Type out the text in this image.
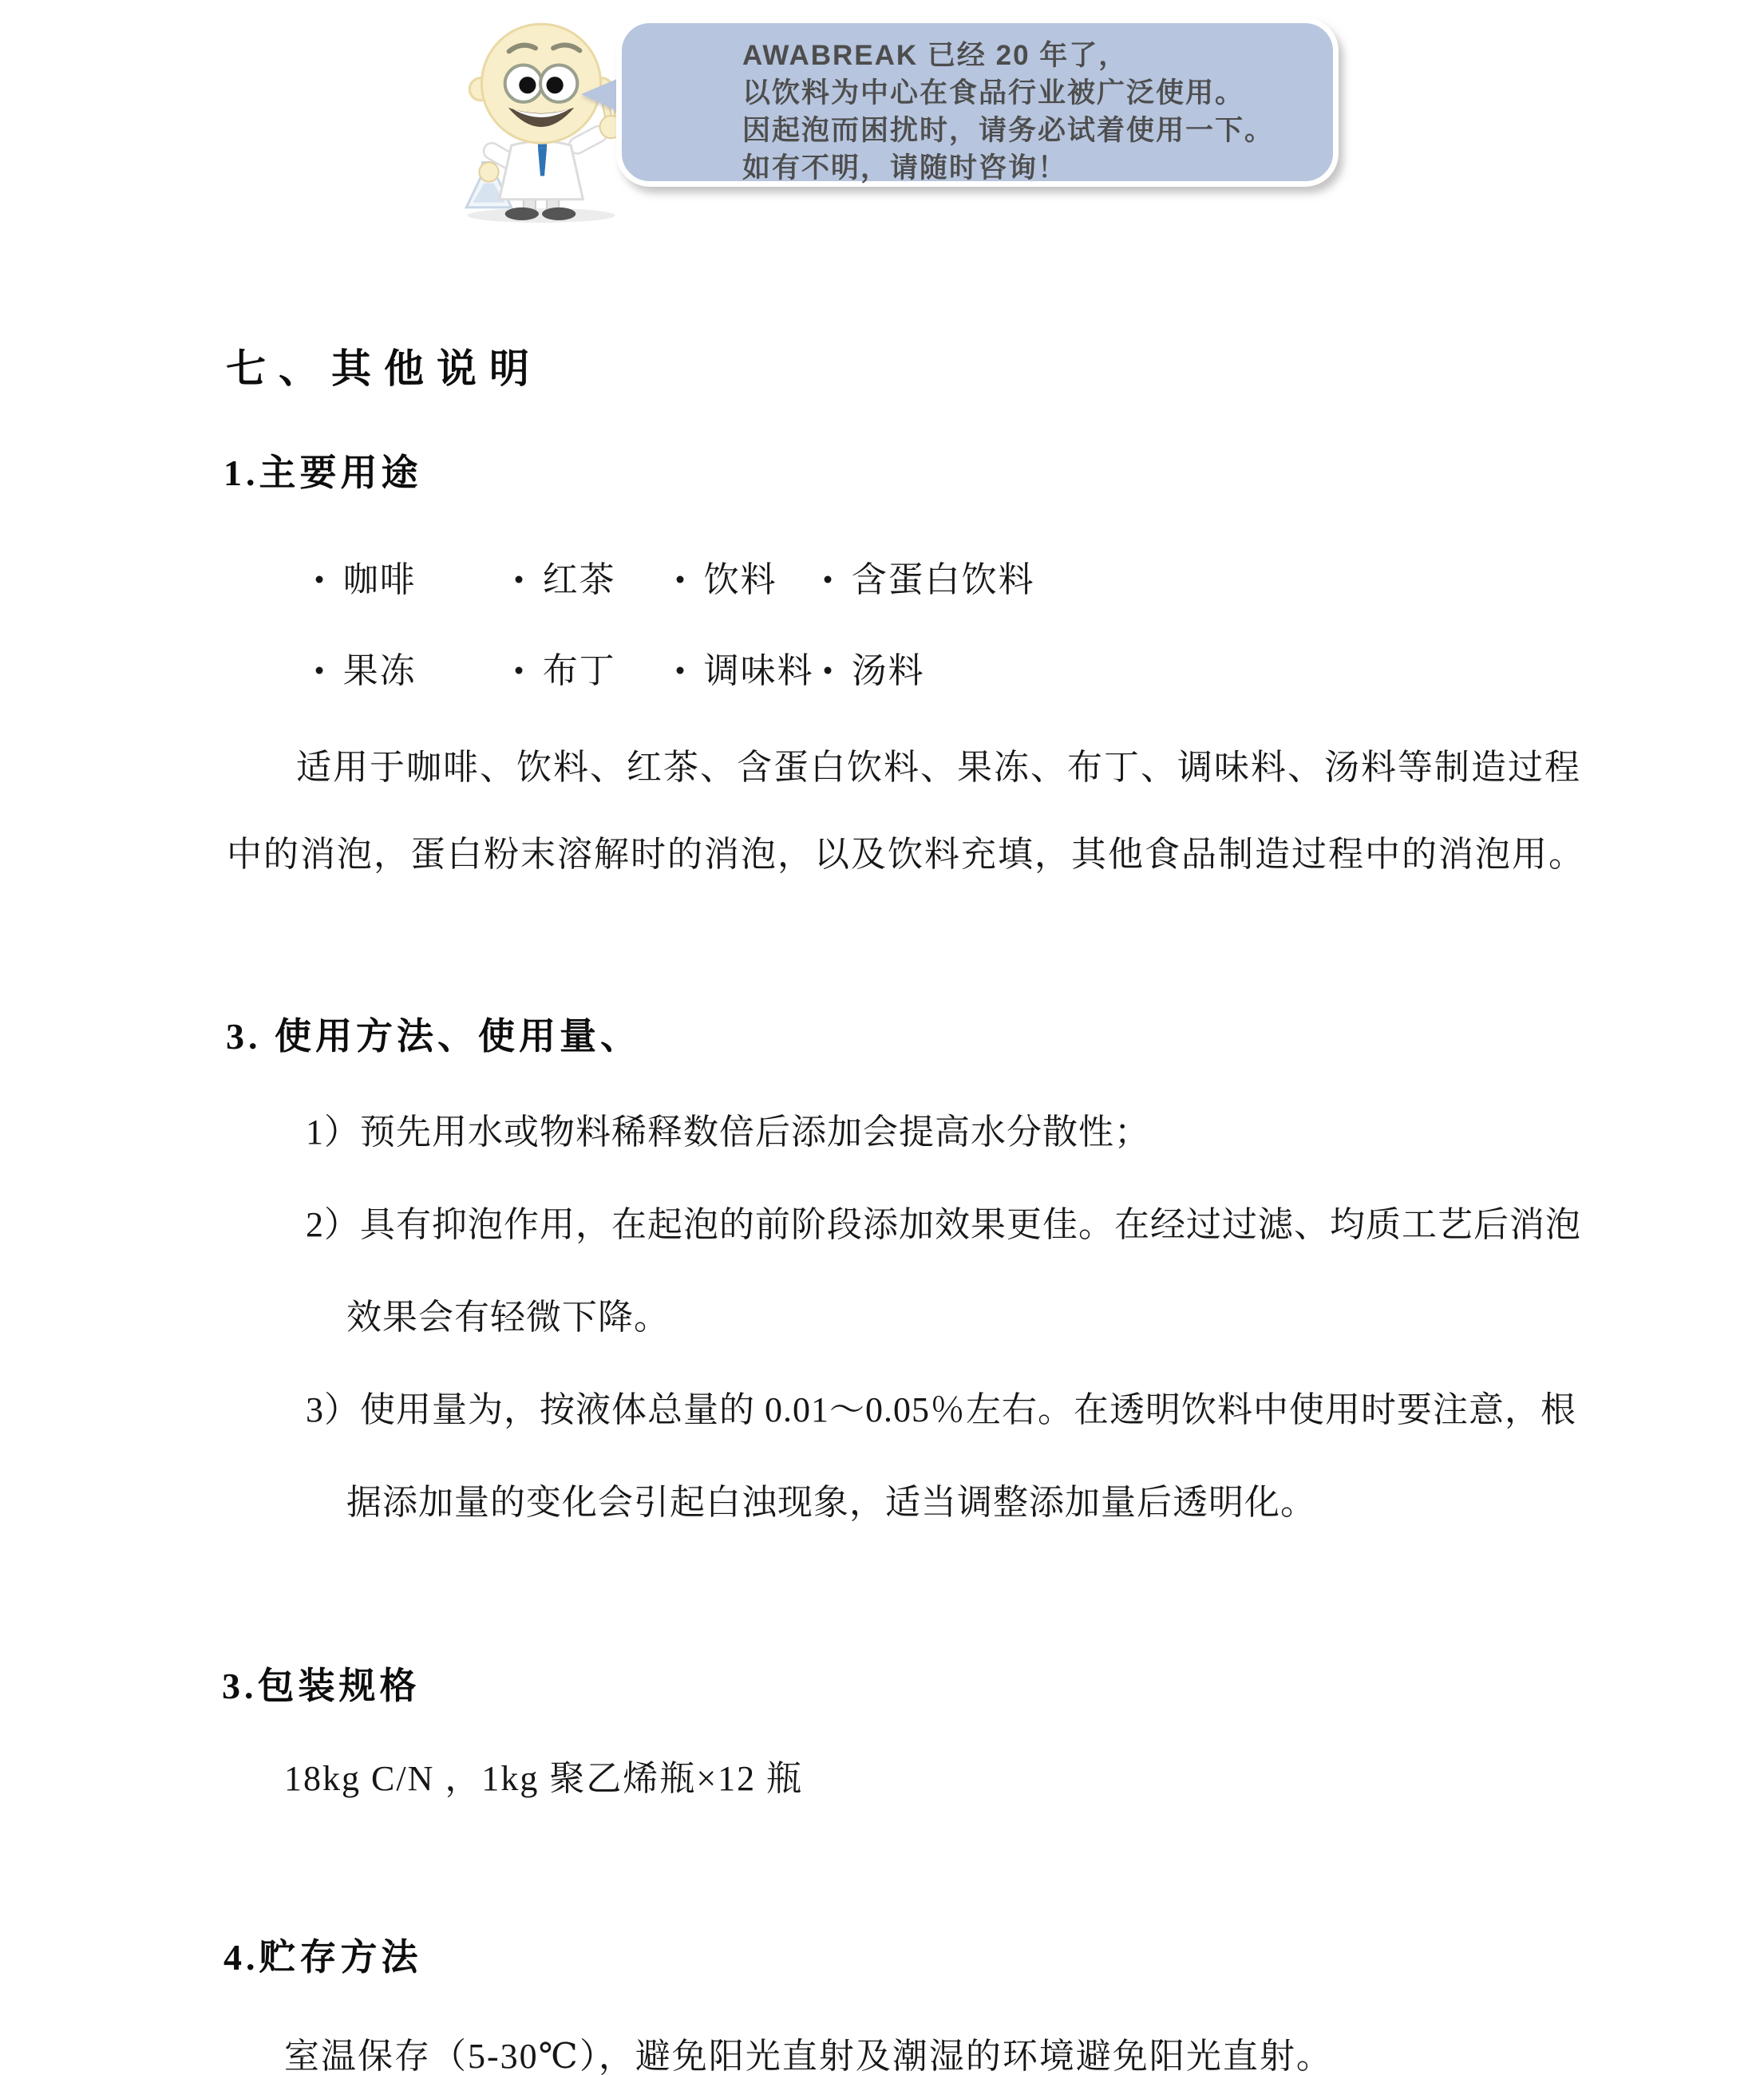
AWABREAK 已经 20 年了，
以饮料为中心在食品行业被广泛使用。
因起泡而困扰时，请务必试着使用一下。
如有不明，请随时咨询！
七、其他说明
1.主要用途
· 咖啡	· 红茶 · 饮料 · 含蛋白饮料
· 果冻	· 布丁 · 调味料 · 汤料
适用于咖啡、饮料、红茶、含蛋白饮料、果冻、布丁、调味料、汤料等制造过程
中的消泡，蛋白粉末溶解时的消泡，以及饮料充填，其他食品制造过程中的消泡用。
3. 使用方法、使用量、
1）预先用水或物料稀释数倍后添加会提高水分散性；
2）具有抑泡作用，在起泡的前阶段添加效果更佳。在经过过滤、均质工艺后消泡
效果会有轻微下降。
3）使用量为，按液体总量的 0.01～0.05％左右。在透明饮料中使用时要注意，根
据添加量的变化会引起白浊现象，适当调整添加量后透明化。
3.包装规格
18kg C/N ，1kg 聚乙烯瓶×12 瓶
4.贮存方法
室温保存（5-30℃），避免阳光直射及潮湿的环境避免阳光直射。
